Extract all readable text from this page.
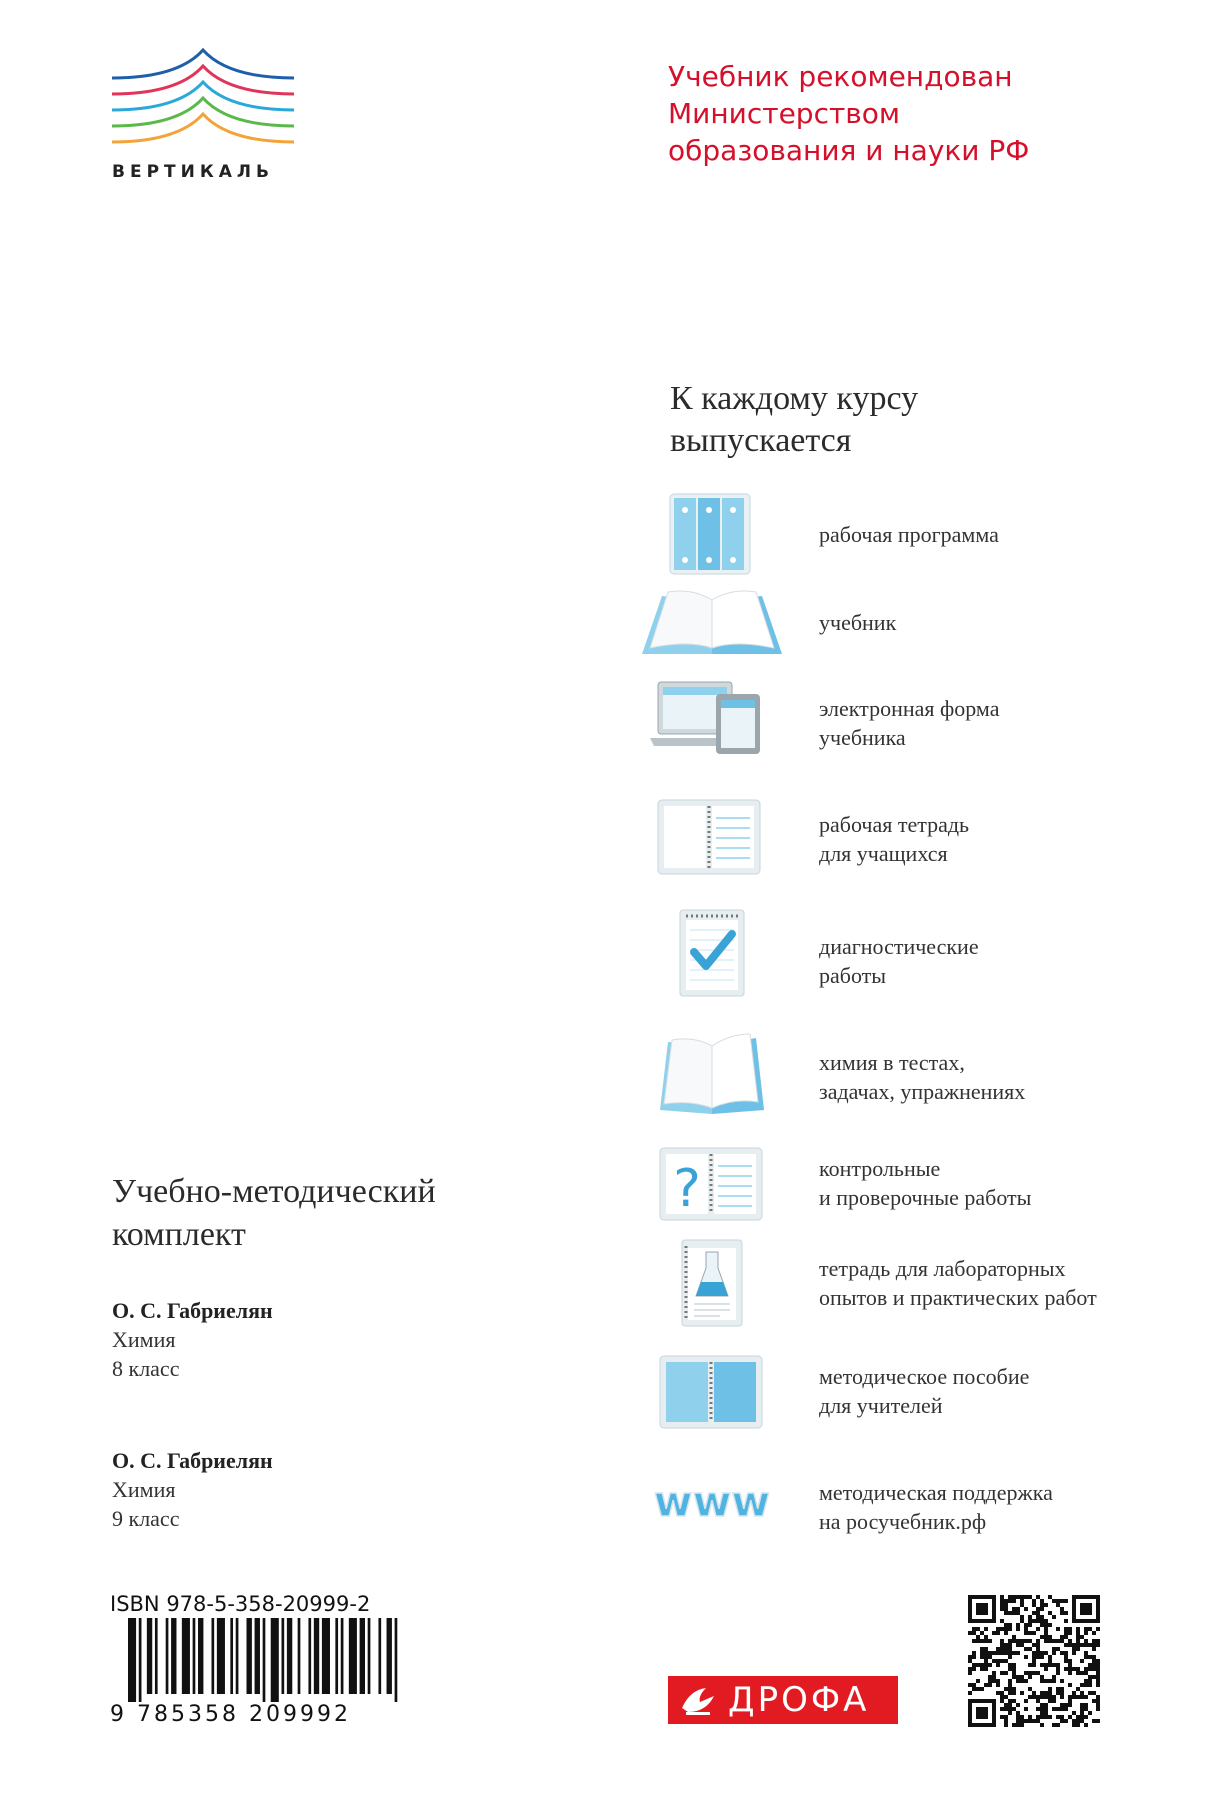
ВЕРТИКАЛЬ
Учебник рекомендован
Министерством
образования и науки РФ
К каждому курсу
выпускается
рабочая программа
учебник
электронная форма
учебника
рабочая тетрадь
для учащихся
диагностические
работы
химия в тестах,
задачах, упражнениях
?	контрольные
и проверочные работы
тетрадь для лабораторных
опытов и практических работ
методическое пособие
для учителей
www методическая поддержка
на росучебник.рф
Учебно-методический
комплект
О. С. Габриелян
Химия
8 класс
О. С. Габриелян
Химия
9 класс
ISBN 978-5-358-20999-2
9 785358 209992	ДРОФА
